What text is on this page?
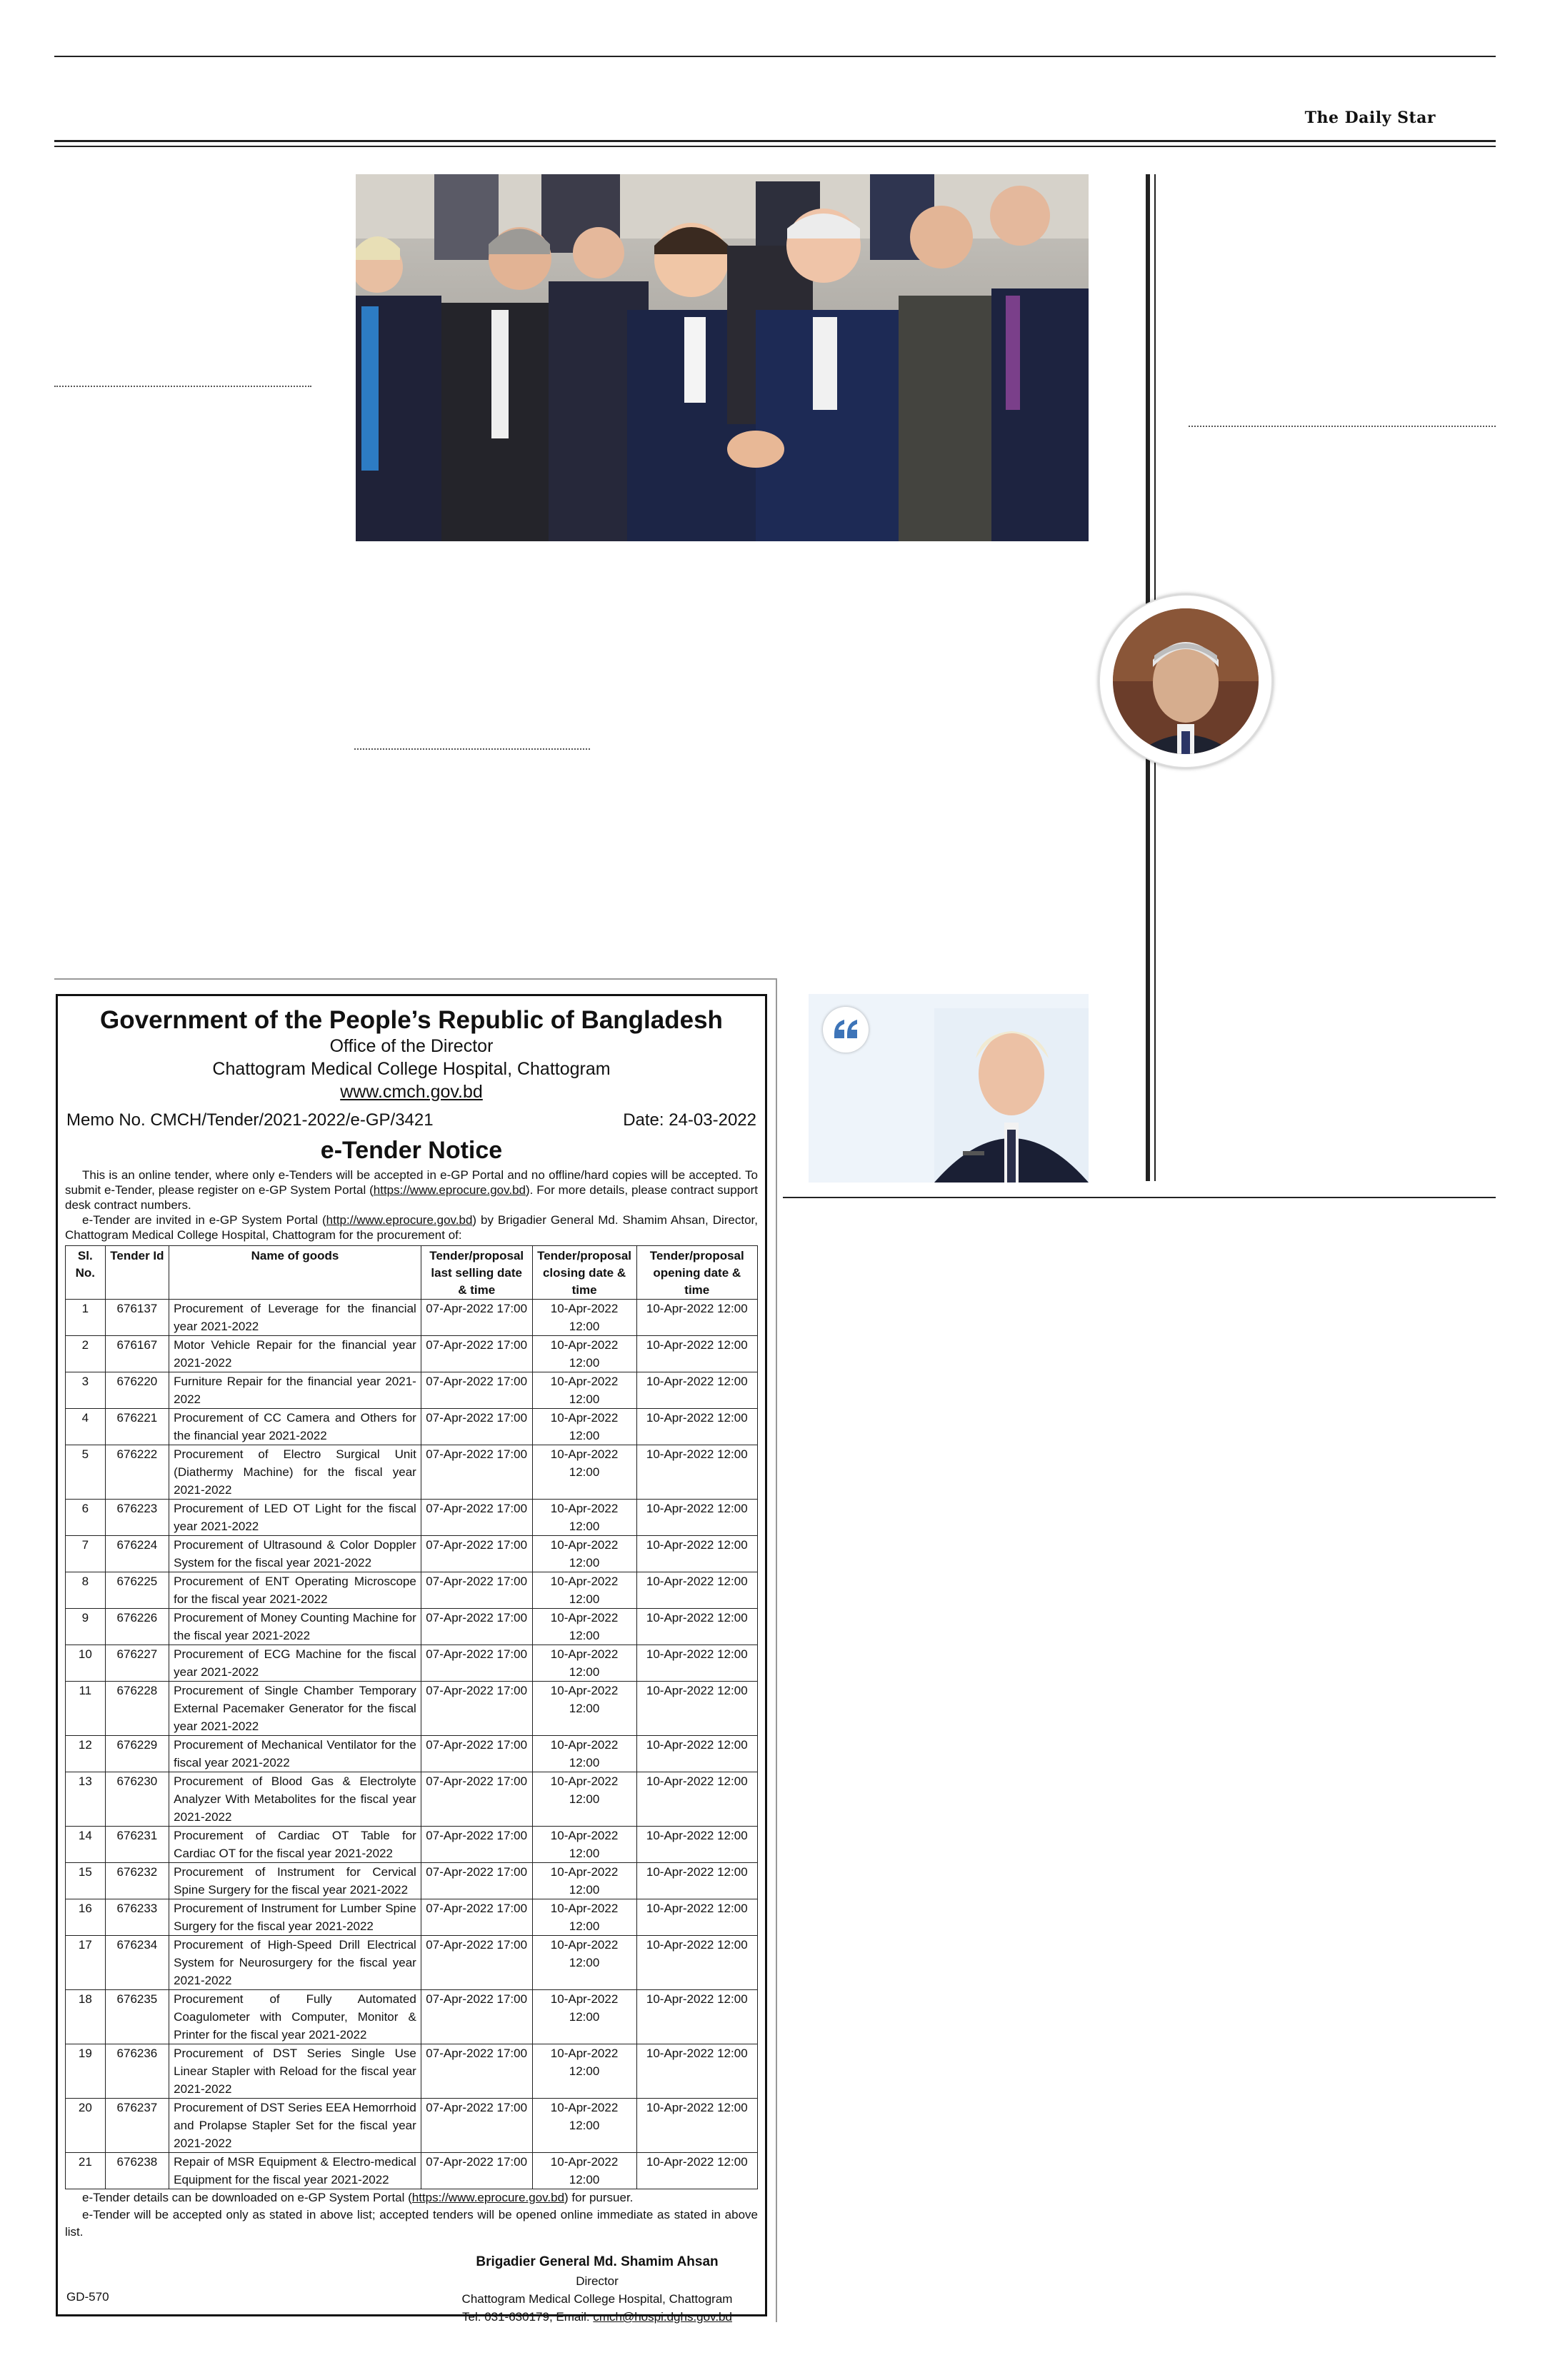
The Daily Star
Government of the People’s Republic of Bangladesh
Office of the Director
Chattogram Medical College Hospital, Chattogram
www.cmch.gov.bd
Memo No. CMCH/Tender/2021-2022/e-GP/3421	Date: 24-03-2022
e-Tender Notice
This is an online tender, where only e-Tenders will be accepted in e-GP Portal and no offline/hard copies will be accepted. To submit e-Tender, please register on e-GP System Portal (https://www.eprocure.gov.bd). For more details, please contract support desk contract numbers.
e-Tender are invited in e-GP System Portal (http://www.eprocure.gov.bd) by Brigadier General Md. Shamim Ahsan, Director, Chattogram Medical College Hospital, Chattogram for the procurement of:
Sl. No.	Tender Id	Name of goods	Tender/proposal last selling date & time	Tender/proposal closing date & time	Tender/proposal opening date & time
1	676137	Procurement of Leverage for the financial year 2021-2022	07-Apr-2022 17:00	10-Apr-2022 12:00	10-Apr-2022 12:00
2	676167	Motor Vehicle Repair for the financial year 2021-2022	07-Apr-2022 17:00	10-Apr-2022 12:00	10-Apr-2022 12:00
3	676220	Furniture Repair for the financial year 2021-2022	07-Apr-2022 17:00	10-Apr-2022 12:00	10-Apr-2022 12:00
4	676221	Procurement of CC Camera and Others for the financial year 2021-2022	07-Apr-2022 17:00	10-Apr-2022 12:00	10-Apr-2022 12:00
5	676222	Procurement of Electro Surgical Unit (Diathermy Machine) for the fiscal year 2021-2022	07-Apr-2022 17:00	10-Apr-2022 12:00	10-Apr-2022 12:00
6	676223	Procurement of LED OT Light for the fiscal year 2021-2022	07-Apr-2022 17:00	10-Apr-2022 12:00	10-Apr-2022 12:00
7	676224	Procurement of Ultrasound & Color Doppler System for the fiscal year 2021-2022	07-Apr-2022 17:00	10-Apr-2022 12:00	10-Apr-2022 12:00
8	676225	Procurement of ENT Operating Microscope for the fiscal year 2021-2022	07-Apr-2022 17:00	10-Apr-2022 12:00	10-Apr-2022 12:00
9	676226	Procurement of Money Counting Machine for the fiscal year 2021-2022	07-Apr-2022 17:00	10-Apr-2022 12:00	10-Apr-2022 12:00
10	676227	Procurement of ECG Machine for the fiscal year 2021-2022	07-Apr-2022 17:00	10-Apr-2022 12:00	10-Apr-2022 12:00
11	676228	Procurement of Single Chamber Temporary External Pacemaker Generator for the fiscal year 2021-2022	07-Apr-2022 17:00	10-Apr-2022 12:00	10-Apr-2022 12:00
12	676229	Procurement of Mechanical Ventilator for the fiscal year 2021-2022	07-Apr-2022 17:00	10-Apr-2022 12:00	10-Apr-2022 12:00
13	676230	Procurement of Blood Gas & Electrolyte Analyzer With Metabolites for the fiscal year 2021-2022	07-Apr-2022 17:00	10-Apr-2022 12:00	10-Apr-2022 12:00
14	676231	Procurement of Cardiac OT Table for Cardiac OT for the fiscal year 2021-2022	07-Apr-2022 17:00	10-Apr-2022 12:00	10-Apr-2022 12:00
15	676232	Procurement of Instrument for Cervical Spine Surgery for the fiscal year 2021-2022	07-Apr-2022 17:00	10-Apr-2022 12:00	10-Apr-2022 12:00
16	676233	Procurement of Instrument for Lumber Spine Surgery for the fiscal year 2021-2022	07-Apr-2022 17:00	10-Apr-2022 12:00	10-Apr-2022 12:00
17	676234	Procurement of High-Speed Drill Electrical System for Neurosurgery for the fiscal year 2021-2022	07-Apr-2022 17:00	10-Apr-2022 12:00	10-Apr-2022 12:00
18	676235	Procurement of Fully Automated Coagulometer with Computer, Monitor & Printer for the fiscal year 2021-2022	07-Apr-2022 17:00	10-Apr-2022 12:00	10-Apr-2022 12:00
19	676236	Procurement of DST Series Single Use Linear Stapler with Reload for the fiscal year 2021-2022	07-Apr-2022 17:00	10-Apr-2022 12:00	10-Apr-2022 12:00
20	676237	Procurement of DST Series EEA Hemorrhoid and Prolapse Stapler Set for the fiscal year 2021-2022	07-Apr-2022 17:00	10-Apr-2022 12:00	10-Apr-2022 12:00
21	676238	Repair of MSR Equipment & Electro-medical Equipment for the fiscal year 2021-2022	07-Apr-2022 17:00	10-Apr-2022 12:00	10-Apr-2022 12:00
e-Tender details can be downloaded on e-GP System Portal (https://www.eprocure.gov.bd) for pursuer.
e-Tender will be accepted only as stated in above list; accepted tenders will be opened online immediate as stated in above list.
Brigadier General Md. Shamim Ahsan
Director
Chattogram Medical College Hospital, Chattogram
Tel: 031-630179, Email: cmch@hospi.dghs.gov.bd
GD-570
